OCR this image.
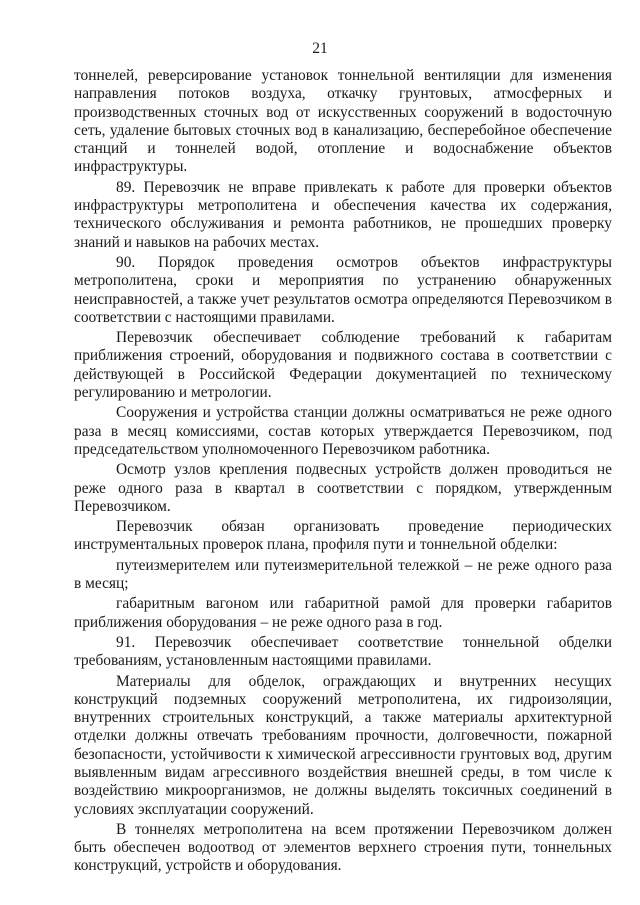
21

тоннелей, реверсирование установок тоннельной вентиляции для изменения направления потоков воздуха, откачку грунтовых, атмосферных и производственных сточных вод от искусственных сооружений в водосточную сеть, удаление бытовых сточных вод в канализацию, бесперебойное обеспечение станций и тоннелей водой, отопление и водоснабжение объектов инфраструктуры.

89. Перевозчик не вправе привлекать к работе для проверки объектов инфраструктуры метрополитена и обеспечения качества их содержания, технического обслуживания и ремонта работников, не прошедших проверку знаний и навыков на рабочих местах.

90. Порядок проведения осмотров объектов инфраструктуры метрополитена, сроки и мероприятия по устранению обнаруженных неисправностей, а также учет результатов осмотра определяются Перевозчиком в соответствии с настоящими правилами.

Перевозчик обеспечивает соблюдение требований к габаритам приближения строений, оборудования и подвижного состава в соответствии с действующей в Российской Федерации документацией по техническому регулированию и метрологии.

Сооружения и устройства станции должны осматриваться не реже одного раза в месяц комиссиями, состав которых утверждается Перевозчиком, под председательством уполномоченного Перевозчиком работника.

Осмотр узлов крепления подвесных устройств должен проводиться не реже одного раза в квартал в соответствии с порядком, утвержденным Перевозчиком.

Перевозчик обязан организовать проведение периодических инструментальных проверок плана, профиля пути и тоннельной обделки:

путеизмерителем или путеизмерительной тележкой – не реже одного раза в месяц;

габаритным вагоном или габаритной рамой для проверки габаритов приближения оборудования – не реже одного раза в год.

91. Перевозчик обеспечивает соответствие тоннельной обделки требованиям, установленным настоящими правилами.

Материалы для обделок, ограждающих и внутренних несущих конструкций подземных сооружений метрополитена, их гидроизоляции, внутренних строительных конструкций, а также материалы архитектурной отделки должны отвечать требованиям прочности, долговечности, пожарной безопасности, устойчивости к химической агрессивности грунтовых вод, другим выявленным видам агрессивного воздействия внешней среды, в том числе к воздействию микроорганизмов, не должны выделять токсичных соединений в условиях эксплуатации сооружений.

В тоннелях метрополитена на всем протяжении Перевозчиком должен быть обеспечен водоотвод от элементов верхнего строения пути, тоннельных конструкций, устройств и оборудования.
